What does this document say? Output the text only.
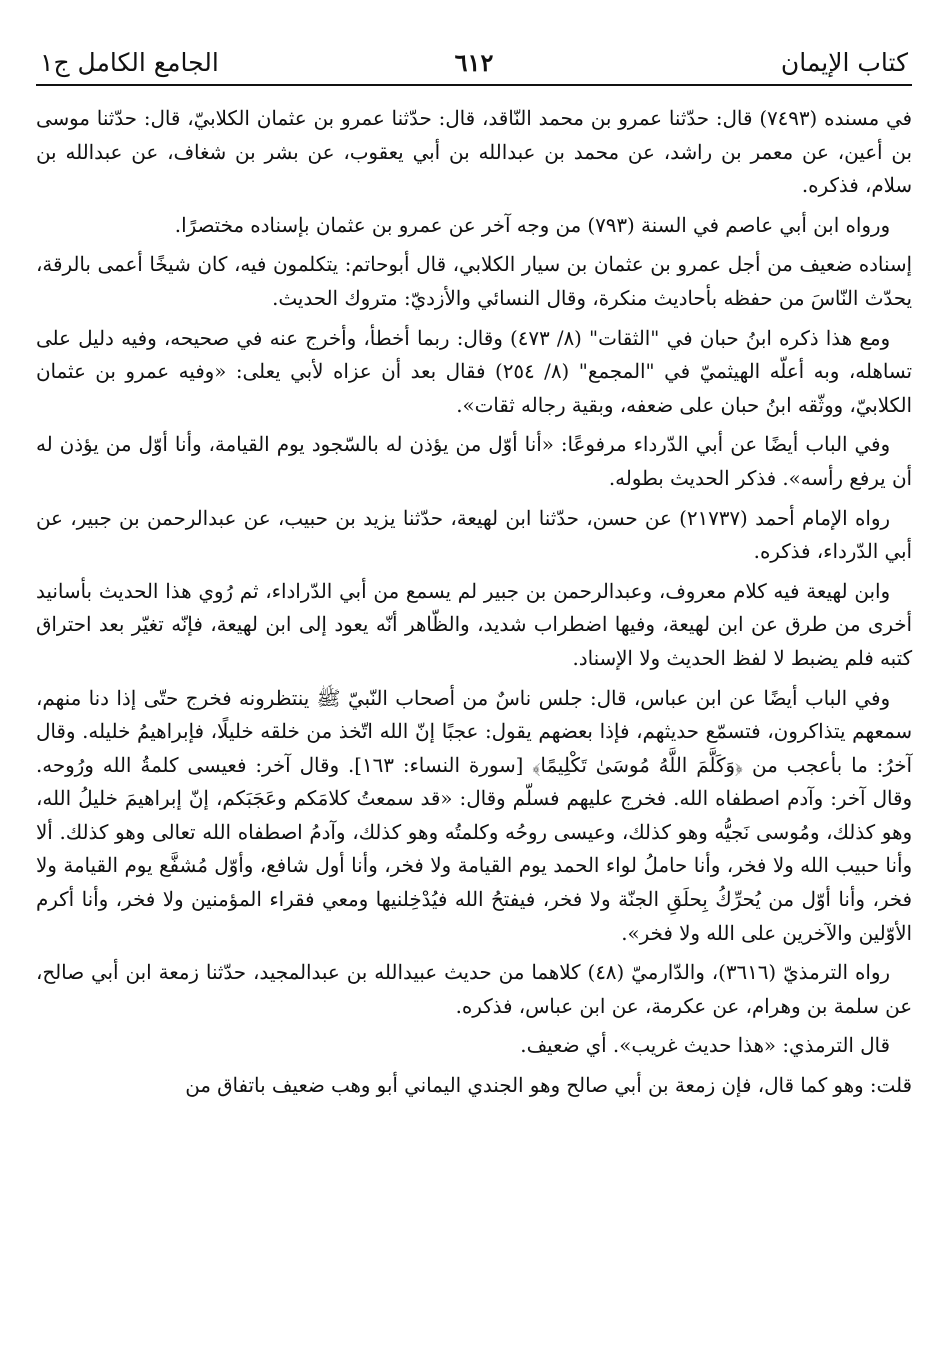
كتاب الإيمان
٦١٢
الجامع الكامل ج١

في مسنده (٧٤٩٣) قال: حدّثنا عمرو بن محمد النّاقد، قال: حدّثنا عمرو بن عثمان الكلابيّ، قال: حدّثنا موسى بن أعين، عن معمر بن راشد، عن محمد بن عبدالله بن أبي يعقوب، عن بشر بن شغاف، عن عبدالله بن سلام، فذكره.

ورواه ابن أبي عاصم في السنة (٧٩٣) من وجه آخر عن عمرو بن عثمان بإسناده مختصرًا.

إسناده ضعيف من أجل عمرو بن عثمان بن سيار الكلابي، قال أبوحاتم: يتكلمون فيه، كان شيخًا أعمى بالرقة، يحدّث النّاسَ من حفظه بأحاديث منكرة، وقال النسائي والأزديّ: متروك الحديث.

ومع هذا ذكره ابنُ حبان في "الثقات" (٨/ ٤٧٣) وقال: ربما أخطأ، وأخرج عنه في صحيحه، وفيه دليل على تساهله، وبه أعلّه الهيثميّ في "المجمع" (٨/ ٢٥٤) فقال بعد أن عزاه لأبي يعلى: «وفيه عمرو بن عثمان الكلابيّ، ووثّقه ابنُ حبان على ضعفه، وبقية رجاله ثقات».

وفي الباب أيضًا عن أبي الدّرداء مرفوعًا: «أنا أوّل من يؤذن له بالسّجود يوم القيامة، وأنا أوّل من يؤذن له أن يرفع رأسه». فذكر الحديث بطوله.

رواه الإمام أحمد (٢١٧٣٧) عن حسن، حدّثنا ابن لهيعة، حدّثنا يزيد بن حبيب، عن عبدالرحمن بن جبير، عن أبي الدّرداء، فذكره.

وابن لهيعة فيه كلام معروف، وعبدالرحمن بن جبير لم يسمع من أبي الدّراداء، ثم رُوي هذا الحديث بأسانيد أخرى من طرق عن ابن لهيعة، وفيها اضطراب شديد، والظّاهر أنّه يعود إلى ابن لهيعة، فإنّه تغيّر بعد احتراق كتبه فلم يضبط لا لفظ الحديث ولا الإسناد.

وفي الباب أيضًا عن ابن عباس، قال: جلس ناسٌ من أصحاب النّبيّ ﷺ ينتظرونه فخرج حتّى إذا دنا منهم، سمعهم يتذاكرون، فتسمّع حديثهم، فإذا بعضهم يقول: عجبًا إنّ الله اتّخذ من خلقه خليلًا، فإبراهيمُ خليله. وقال آخرُ: ما بأعجب من ﴿وَكَلَّمَ اللَّهُ مُوسَىٰ تَكْلِيمًا﴾ [سورة النساء: ١٦٣]. وقال آخر: فعيسى كلمةُ الله ورُوحه. وقال آخر: وآدم اصطفاه الله. فخرج عليهم فسلّم وقال: «قد سمعتُ كلامَكم وعَجَبَكم، إنّ إبراهيمَ خليلُ الله، وهو كذلك، ومُوسى نَجيُّه وهو كذلك، وعيسى روحُه وكلمتُه وهو كذلك، وآدمُ اصطفاه الله تعالى وهو كذلك. ألا وأنا حبيب الله ولا فخر، وأنا حاملُ لواء الحمد يوم القيامة ولا فخر، وأنا أول شافع، وأوّل مُشفَّع يوم القيامة ولا فخر، وأنا أوّل من يُحرِّكُ بِحلَقِ الجنّة ولا فخر، فيفتحُ الله فيُدْخِلنيها ومعي فقراء المؤمنين ولا فخر، وأنا أكرم الأوّلين والآخرين على الله ولا فخر».

رواه الترمذيّ (٣٦١٦)، والدّارميّ (٤٨) كلاهما من حديث عبيدالله بن عبدالمجيد، حدّثنا زمعة ابن أبي صالح، عن سلمة بن وهرام، عن عكرمة، عن ابن عباس، فذكره.

قال الترمذي: «هذا حديث غريب». أي ضعيف.

قلت: وهو كما قال، فإن زمعة بن أبي صالح وهو الجندي اليماني أبو وهب ضعيف باتفاق من
